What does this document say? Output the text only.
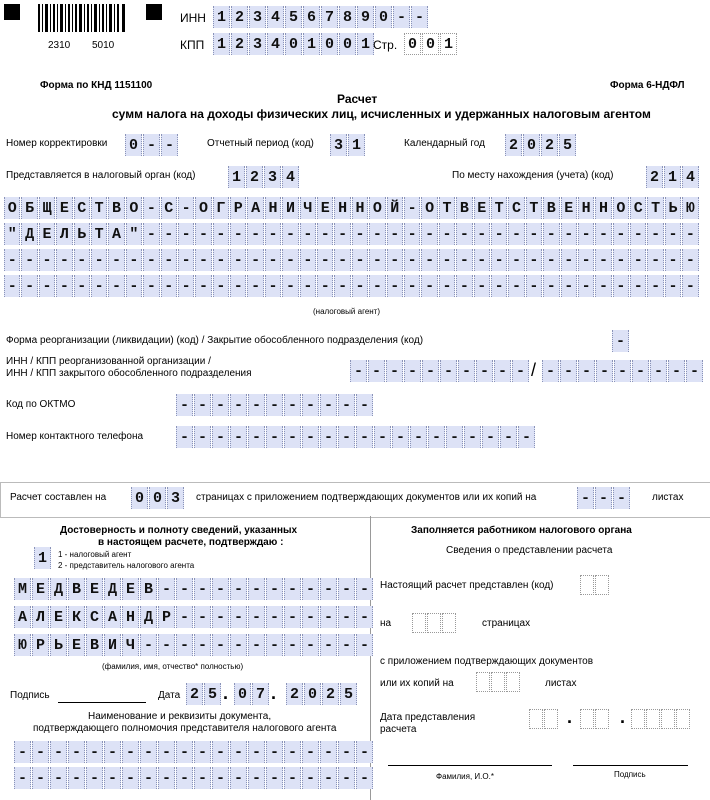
2310 5010
ИНН 1 2 3 4 5 6 7 8 9 0 - -
КПП 1 2 3 4 0 1 0 0 1 Стр. 0 0 1
Форма по КНД 1151100	Форма 6-НДФЛ
Расчет
сумм налога на доходы физических лиц, исчисленных и удержанных налоговым агентом
Номер корректировки 0 - -	Отчетный период (код) 3 1	Календарный год 2 0 2 5
Представляется в налоговый орган (код) 1 2 3 4	По месту нахождения (учета) (код) 2 1 4
О Б Щ Е С Т В О - С - О Г Р А Н И Ч Е Н Н О Й - О Т В Е Т С Т В Е Н Н О С Т Ь Ю
" Д Е Л Ь Т А " - - - - - - - - - - - - - - - - - - - - - - - - - - - - - - - -
- - - - - - - - - - - - - - - - - - - - - - - - - - - - - - - - - - - - - - - -
- - - - - - - - - - - - - - - - - - - - - - - - - - - - - - - - - - - - - - - -
(налоговый агент)
Форма реорганизации (ликвидации) (код) / Закрытие обособленного подразделения (код)	-
ИНН / КПП реорганизованной организации /
ИНН / КПП закрытого обособленного подразделения	- - - - - - - - - - / - - - - - - - - -
Код по ОКТМО	- - - - - - - - - - -
Номер контактного телефона - - - - - - - - - - - - - - - - - - - -
Расчет составлен на 0 0 3	страницах с приложением подтверждающих документов или их копий на	- - -	листах
Достоверность и полноту сведений, указанных
в настоящем расчете, подтверждаю :
1	1 - налоговый агент
2 - представитель налогового агента
М Е Д В Е Д Е В - - - - - - - - - - - -
А Л Е К С А Н Д Р - - - - - - - - - - -
Ю Р Ь Е В И Ч - - - - - - - - - - - - -
(фамилия, имя, отчество* полностью)
Подпись	Дата 2 5 . 0 7 . 2 0 2 5
Наименование и реквизиты документа,
подтверждающего полномочия представителя налогового агента
- - - - - - - - - - - - - - - - - - - -
- - - - - - - - - - - - - - - - - - - -
Заполняется работником налогового органа
Сведения о представлении расчета
Настоящий расчет представлен (код)
на	страницах
с приложением подтверждающих документов
или их копий на	листах
Дата представления
расчета
.	.
Фамилия, И.О.*	Подпись
